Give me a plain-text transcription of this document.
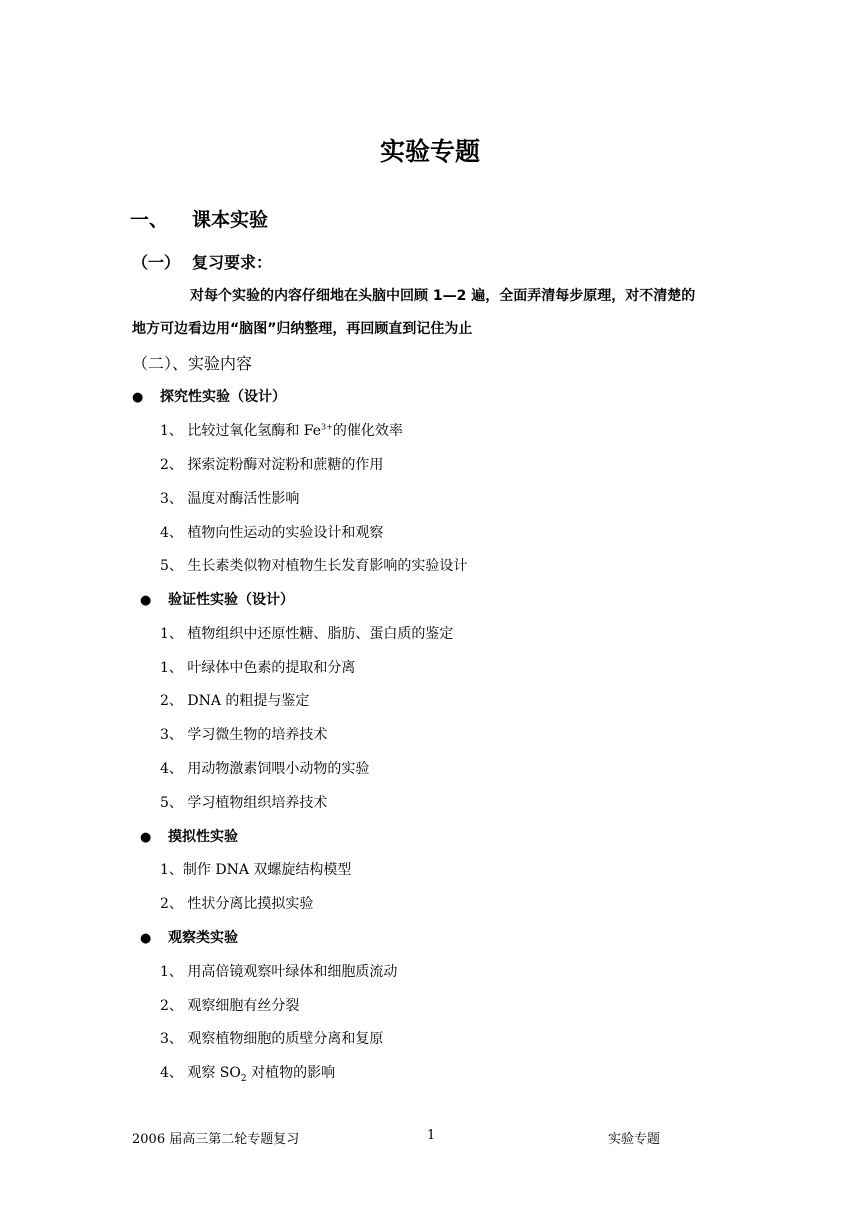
实验专题
一、 课本实验
（一） 复习要求：
对每个实验的内容仔细地在头脑中回顾 1—2 遍，全面弄清每步原理，对不清楚的
地方可边看边用“脑图”归纳整理，再回顾直到记住为止
（二）、实验内容
● 探究性实验（设计）
1、 比较过氧化氢酶和 $Fe^{3+}$的催化效率
2、 探索淀粉酶对淀粉和蔗糖的作用
3、 温度对酶活性影响
4、 植物向性运动的实验设计和观察
5、 生长素类似物对植物生长发育影响的实验设计
● 验证性实验（设计）
1、 植物组织中还原性糖、脂肪、蛋白质的鉴定
1、 叶绿体中色素的提取和分离
2、 DNA 的粗提与鉴定
3、 学习微生物的培养技术
4、 用动物激素饲喂小动物的实验
5、 学习植物组织培养技术
● 摸拟性实验
1、制作 DNA 双螺旋结构模型
2、 性状分离比摸拟实验
● 观察类实验
1、 用高倍镜观察叶绿体和细胞质流动
2、 观察细胞有丝分裂
3、 观察植物细胞的质壁分离和复原
4、 观察 $SO_2$ 对植物的影响
2006 届高三第二轮专题复习	1	实验专题
